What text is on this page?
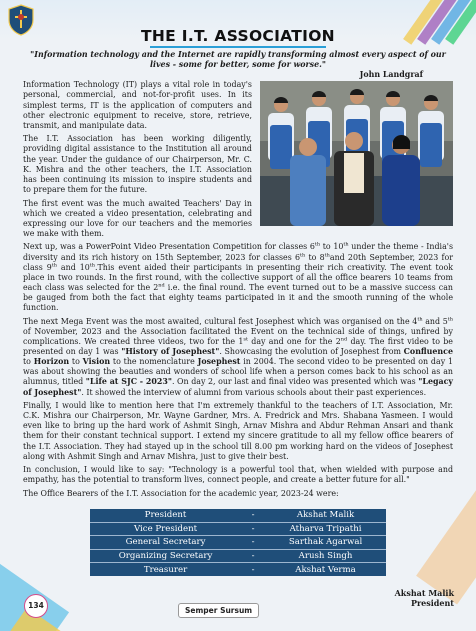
THE I.T. ASSOCIATION

"Information technology and the Internet are rapidly transforming almost every aspect of our lives - some for better, some for worse."

John Landgraf

Information Technology (IT) plays a vital role in today's personal, commercial, and not-for-profit uses. In its simplest terms, IT is the application of computers and other electronic equipment to receive, store, retrieve, transmit, and manipulate data.

The I.T. Association has been working diligently, providing digital assistance to the Institution all around the year. Under the guidance of our Chairperson, Mr. C. K. Mishra and the other teachers, the I.T. Association has been continuing its mission to inspire students and to prepare them for the future.

The first event was the much awaited Teachers' Day in which we created a video presentation, celebrating and expressing our love for our teachers and the memories we make with them.

Next up, was a PowerPoint Video Presentation Competition for classes 6th to 10th under the theme - India's diversity and its rich history on 15th September, 2023 for classes 6th to 8thand 20th September, 2023 for class 9th and 10th.This event aided their participants in presenting their rich creativity. The event took place in two rounds. In the first round, with the collective support of all the office bearers 10 teams from each class was selected for the 2nd i.e. the final round. The event turned out to be a massive success can be gauged from both the fact that eighty teams participated in it and the smooth running of the whole function.

The next Mega Event was the most awaited, cultural fest Josephest which was organised on the 4th and 5th of November, 2023 and the Association facilitated the Event on the technical side of things, unfired by complications. We created three videos, two for the 1st day and one for the 2nd day. The first video to be presented on day 1 was "History of Josephest". Showcasing the evolution of Josephest from Confluence to Horizon to Vision to the nomenclature Josephest in 2004. The second video to be presented on day 1 was about showing the beauties and wonders of school life when a person comes back to his school as an alumnus, titled "Life at SJC - 2023". On day 2, our last and final video was presented which was "Legacy of Josephest". It showed the interview of alumni from various schools about their past experiences.

Finally, I would like to mention here that I'm extremely thankful to the teachers of I.T. Association, Mr. C.K. Mishra our Chairperson, Mr. Wayne Gardner, Mrs. A. Fredrick and Mrs. Shabana Yasmeen. I would even like to bring up the hard work of Ashmit Singh, Arnav Mishra and Abdur Rehman Ansari and thank them for their constant technical support. I extend my sincere gratitude to all my fellow office bearers of the I.T. Association. They had stayed up in the school till 8.00 pm working hard on the videos of Josephest along with Ashmit Singh and Arnav Mishra, just to give their best.

In conclusion, I would like to say: "Technology is a powerful tool that, when wielded with purpose and empathy, has the potential to transform lives, connect people, and create a better future for all."

The Office Bearers of the I.T. Association for the academic year, 2023-24 were:

President	-	Akshat Malik
Vice President	-	Atharva Tripathi
General Secretary	-	Sarthak Agarwal
Organizing Secretary	-	Arush Singh
Treasurer	-	Akshat Verma
134
Semper Sursum
Akshat Malik
President
